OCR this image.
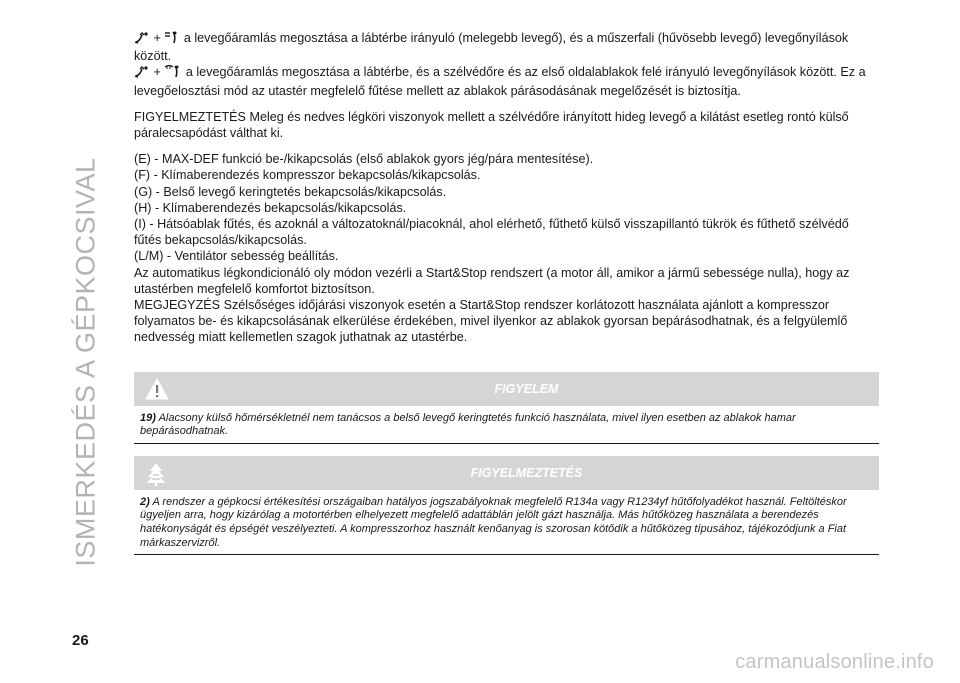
ISMERKEDÉS A GÉPKOCSIVAL

+ a levegőáramlás megosztása a lábtérbe irányuló (melegebb levegő), és a műszerfali (hűvösebb levegő) levegőnyílások között.

+ a levegőáramlás megosztása a lábtérbe, és a szélvédőre és az első oldalablakok felé irányuló levegőnyílások között. Ez a levegőelosztási mód az utastér megfelelő fűtése mellett az ablakok párásodásának megelőzését is biztosítja.

FIGYELMEZTETÉS Meleg és nedves légköri viszonyok mellett a szélvédőre irányított hideg levegő a kilátást esetleg rontó külső páralecsapódást válthat ki.

(E) - MAX-DEF funkció be-/kikapcsolás (első ablakok gyors jég/pára mentesítése).

(F) - Klímaberendezés kompresszor bekapcsolás/kikapcsolás.

(G) - Belső levegő keringtetés bekapcsolás/kikapcsolás.

(H) - Klímaberendezés bekapcsolás/kikapcsolás.

(I) - Hátsóablak fűtés, és azoknál a változatoknál/piacoknál, ahol elérhető, fűthető külső visszapillantó tükrök és fűthető szélvédő fűtés bekapcsolás/kikapcsolás.

(L/M) - Ventilátor sebesség beállítás.

Az automatikus légkondicionáló oly módon vezérli a Start&Stop rendszert (a motor áll, amikor a jármű sebessége nulla), hogy az utastérben megfelelő komfortot biztosítson.

MEGJEGYZÉS Szélsőséges időjárási viszonyok esetén a Start&Stop rendszer korlátozott használata ajánlott a kompresszor folyamatos be- és kikapcsolásának elkerülése érdekében, mivel ilyenkor az ablakok gyorsan bepárásodhatnak, és a felgyülemlő nedvesség miatt kellemetlen szagok juthatnak az utastérbe.

FIGYELEM
19) Alacsony külső hőmérsékletnél nem tanácsos a belső levegő keringtetés funkció használata, mivel ilyen esetben az ablakok hamar bepárásodhatnak.
FIGYELMEZTETÉS
2) A rendszer a gépkocsi értékesítési országaiban hatályos jogszabályoknak megfelelő R134a vagy R1234yf hűtőfolyadékot használ. Feltöltéskor ügyeljen arra, hogy kizárólag a motortérben elhelyezett megfelelő adattáblán jelölt gázt használja. Más hűtőközeg használata a berendezés hatékonyságát és épségét veszélyezteti. A kompresszorhoz használt kenőanyag is szorosan kötődik a hűtőközeg típusához, tájékozódjunk a Fiat márkaszervizről.
26
carmanualsonline.info
